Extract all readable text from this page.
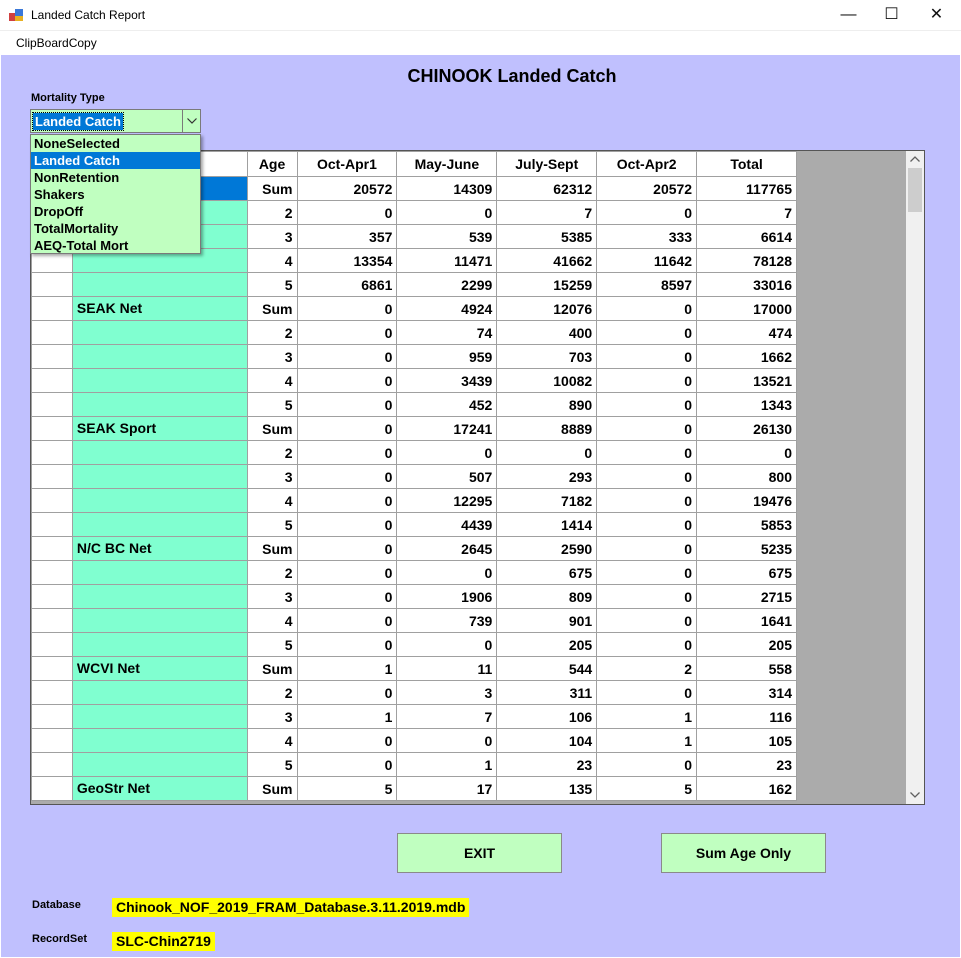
Landed Catch Report	—	☐	✕
ClipBoardCopy
CHINOOK Landed Catch
Mortality Type
Landed Catch
NoneSelected
Landed Catch
NonRetention
Shakers
DropOff
TotalMortality
AEQ-Total Mort
		Age	Oct-Apr1	May-June	July-Sept	Oct-Apr2	Total
		Sum	20572	14309	62312	20572	117765
		2	0	0	7	0	7
		3	357	539	5385	333	6614
		4	13354	11471	41662	11642	78128
		5	6861	2299	15259	8597	33016
	SEAK Net	Sum	0	4924	12076	0	17000
		2	0	74	400	0	474
		3	0	959	703	0	1662
		4	0	3439	10082	0	13521
		5	0	452	890	0	1343
	SEAK Sport	Sum	0	17241	8889	0	26130
		2	0	0	0	0	0
		3	0	507	293	0	800
		4	0	12295	7182	0	19476
		5	0	4439	1414	0	5853
	N/C BC Net	Sum	0	2645	2590	0	5235
		2	0	0	675	0	675
		3	0	1906	809	0	2715
		4	0	739	901	0	1641
		5	0	0	205	0	205
	WCVI Net	Sum	1	11	544	2	558
		2	0	3	311	0	314
		3	1	7	106	1	116
		4	0	0	104	1	105
		5	0	1	23	0	23
	GeoStr Net	Sum	5	17	135	5	162
EXIT	Sum Age Only
Database	Chinook_NOF_2019_FRAM_Database.3.11.2019.mdb
RecordSet SLC-Chin2719
